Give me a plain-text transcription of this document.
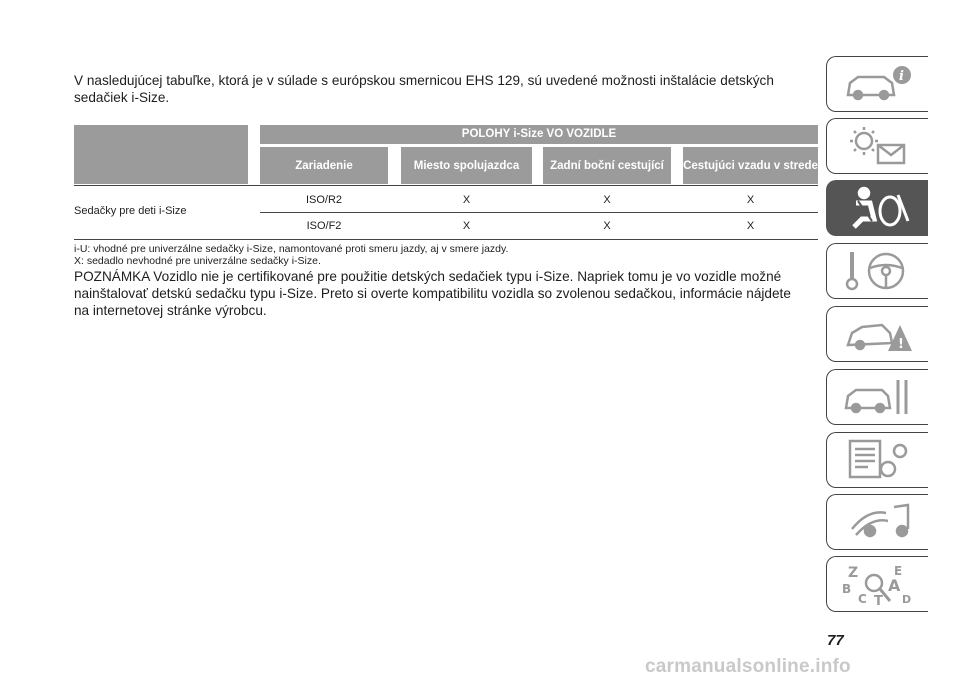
V nasledujúcej tabuľke, ktorá je v súlade s európskou smernicou EHS 129, sú uvedené možnosti inštalácie detských sedačiek i-Size.

POLOHY i-Size VO VOZIDLE
Zariadenie	Miesto spolujazdca	Zadní boční cestující	Cestujúci vzadu v strede
Sedačky pre deti i-Size
ISO/R2	X	X	X
ISO/F2	X	X	X
i-U: vhodné pre univerzálne sedačky i-Size, namontované proti smeru jazdy, aj v smere jazdy.
X: sedadlo nevhodné pre univerzálne sedačky i-Size.

POZNÁMKA Vozidlo nie je certifikované pre použitie detských sedačiek typu i-Size. Napriek tomu je vo vozidle možné nainštalovať detskú sedačku typu i-Size. Preto si overte kompatibilitu vozidla so zvolenou sedačkou, informácie nájdete na internetovej stránke výrobcu.

i
!
Z	E
B A
C	D
T
77
carmanualsonline.info
